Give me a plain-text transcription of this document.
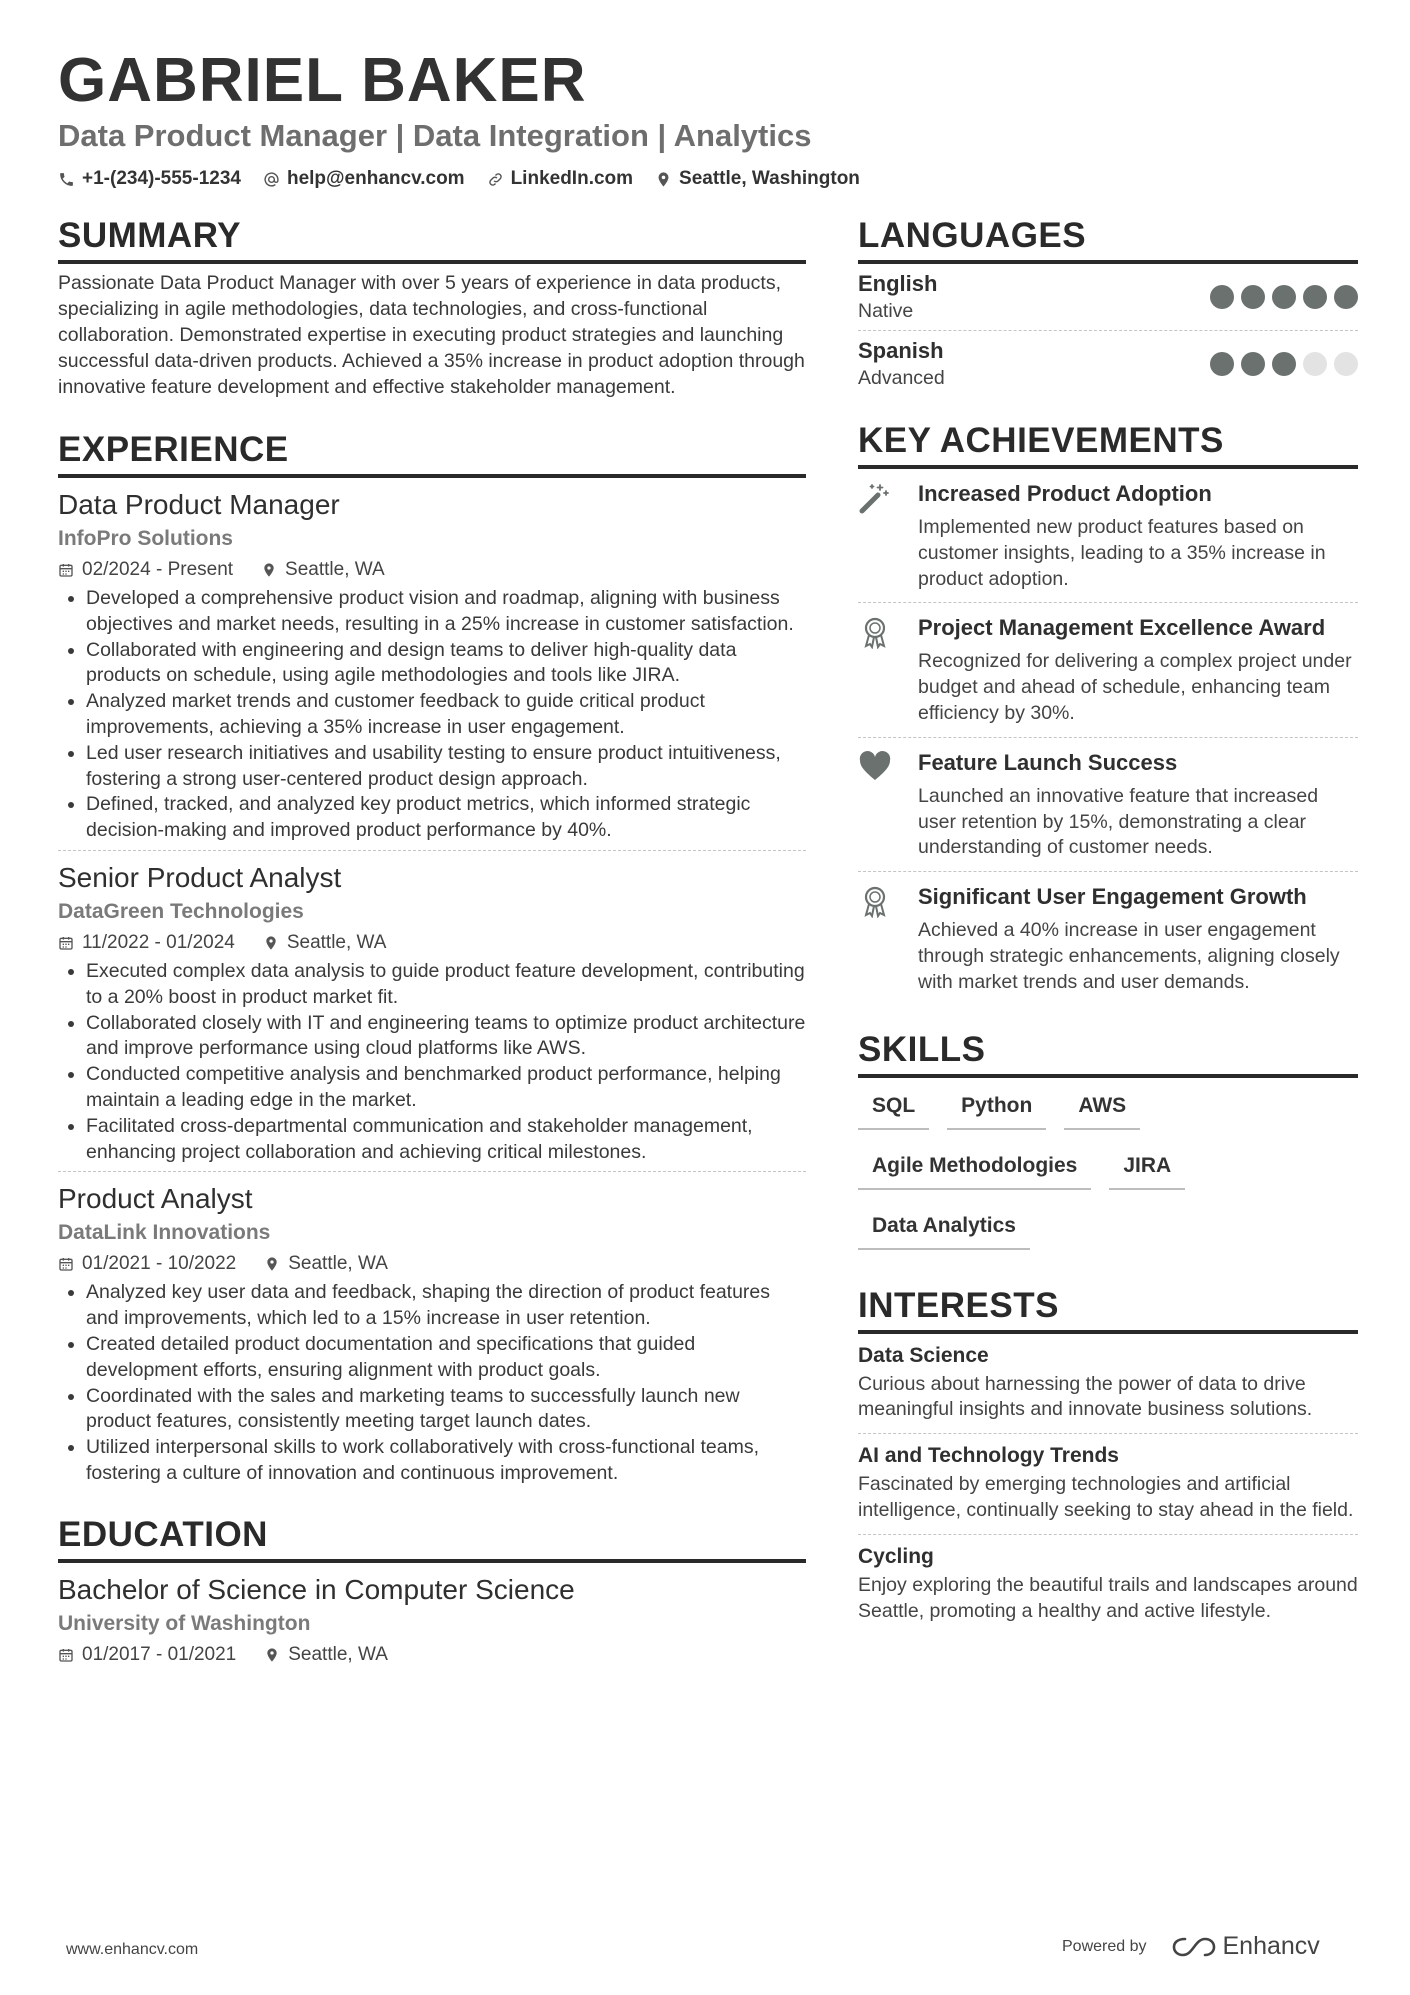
GABRIEL BAKER
Data Product Manager | Data Integration | Analytics
+1-(234)-555-1234 help@enhancv.com LinkedIn.com Seattle, Washington
SUMMARY
Passionate Data Product Manager with over 5 years of experience in data products, specializing in agile methodologies, data technologies, and cross-functional collaboration. Demonstrated expertise in executing product strategies and launching successful data-driven products. Achieved a 35% increase in product adoption through innovative feature development and effective stakeholder management.
EXPERIENCE
Data Product Manager
InfoPro Solutions
02/2024 - Present	Seattle, WA
• Developed a comprehensive product vision and roadmap, aligning with business objectives and market needs, resulting in a 25% increase in customer satisfaction.
• Collaborated with engineering and design teams to deliver high-quality data products on schedule, using agile methodologies and tools like JIRA.
• Analyzed market trends and customer feedback to guide critical product improvements, achieving a 35% increase in user engagement.
• Led user research initiatives and usability testing to ensure product intuitiveness, fostering a strong user-centered product design approach.
• Defined, tracked, and analyzed key product metrics, which informed strategic decision-making and improved product performance by 40%.
Senior Product Analyst
DataGreen Technologies
11/2022 - 01/2024	Seattle, WA
• Executed complex data analysis to guide product feature development, contributing to a 20% boost in product market fit.
• Collaborated closely with IT and engineering teams to optimize product architecture and improve performance using cloud platforms like AWS.
• Conducted competitive analysis and benchmarked product performance, helping maintain a leading edge in the market.
• Facilitated cross-departmental communication and stakeholder management, enhancing project collaboration and achieving critical milestones.
Product Analyst
DataLink Innovations
01/2021 - 10/2022	Seattle, WA
• Analyzed key user data and feedback, shaping the direction of product features and improvements, which led to a 15% increase in user retention.
• Created detailed product documentation and specifications that guided development efforts, ensuring alignment with product goals.
• Coordinated with the sales and marketing teams to successfully launch new product features, consistently meeting target launch dates.
• Utilized interpersonal skills to work collaboratively with cross-functional teams, fostering a culture of innovation and continuous improvement.
EDUCATION
Bachelor of Science in Computer Science
University of Washington
01/2017 - 01/2021	Seattle, WA
LANGUAGES
English
Native
Spanish
Advanced
KEY ACHIEVEMENTS
Increased Product Adoption
Implemented new product features based on customer insights, leading to a 35% increase in product adoption.
Project Management Excellence Award
Recognized for delivering a complex project under budget and ahead of schedule, enhancing team efficiency by 30%.
Feature Launch Success
Launched an innovative feature that increased user retention by 15%, demonstrating a clear understanding of customer needs.
Significant User Engagement Growth
Achieved a 40% increase in user engagement through strategic enhancements, aligning closely with market trends and user demands.
SKILLS
SQL	Python	AWS
Agile Methodologies	JIRA
Data Analytics
INTERESTS
Data Science
Curious about harnessing the power of data to drive meaningful insights and innovate business solutions.
AI and Technology Trends
Fascinated by emerging technologies and artificial intelligence, continually seeking to stay ahead in the field.
Cycling
Enjoy exploring the beautiful trails and landscapes around Seattle, promoting a healthy and active lifestyle.
www.enhancv.com	Powered by	Enhancv
